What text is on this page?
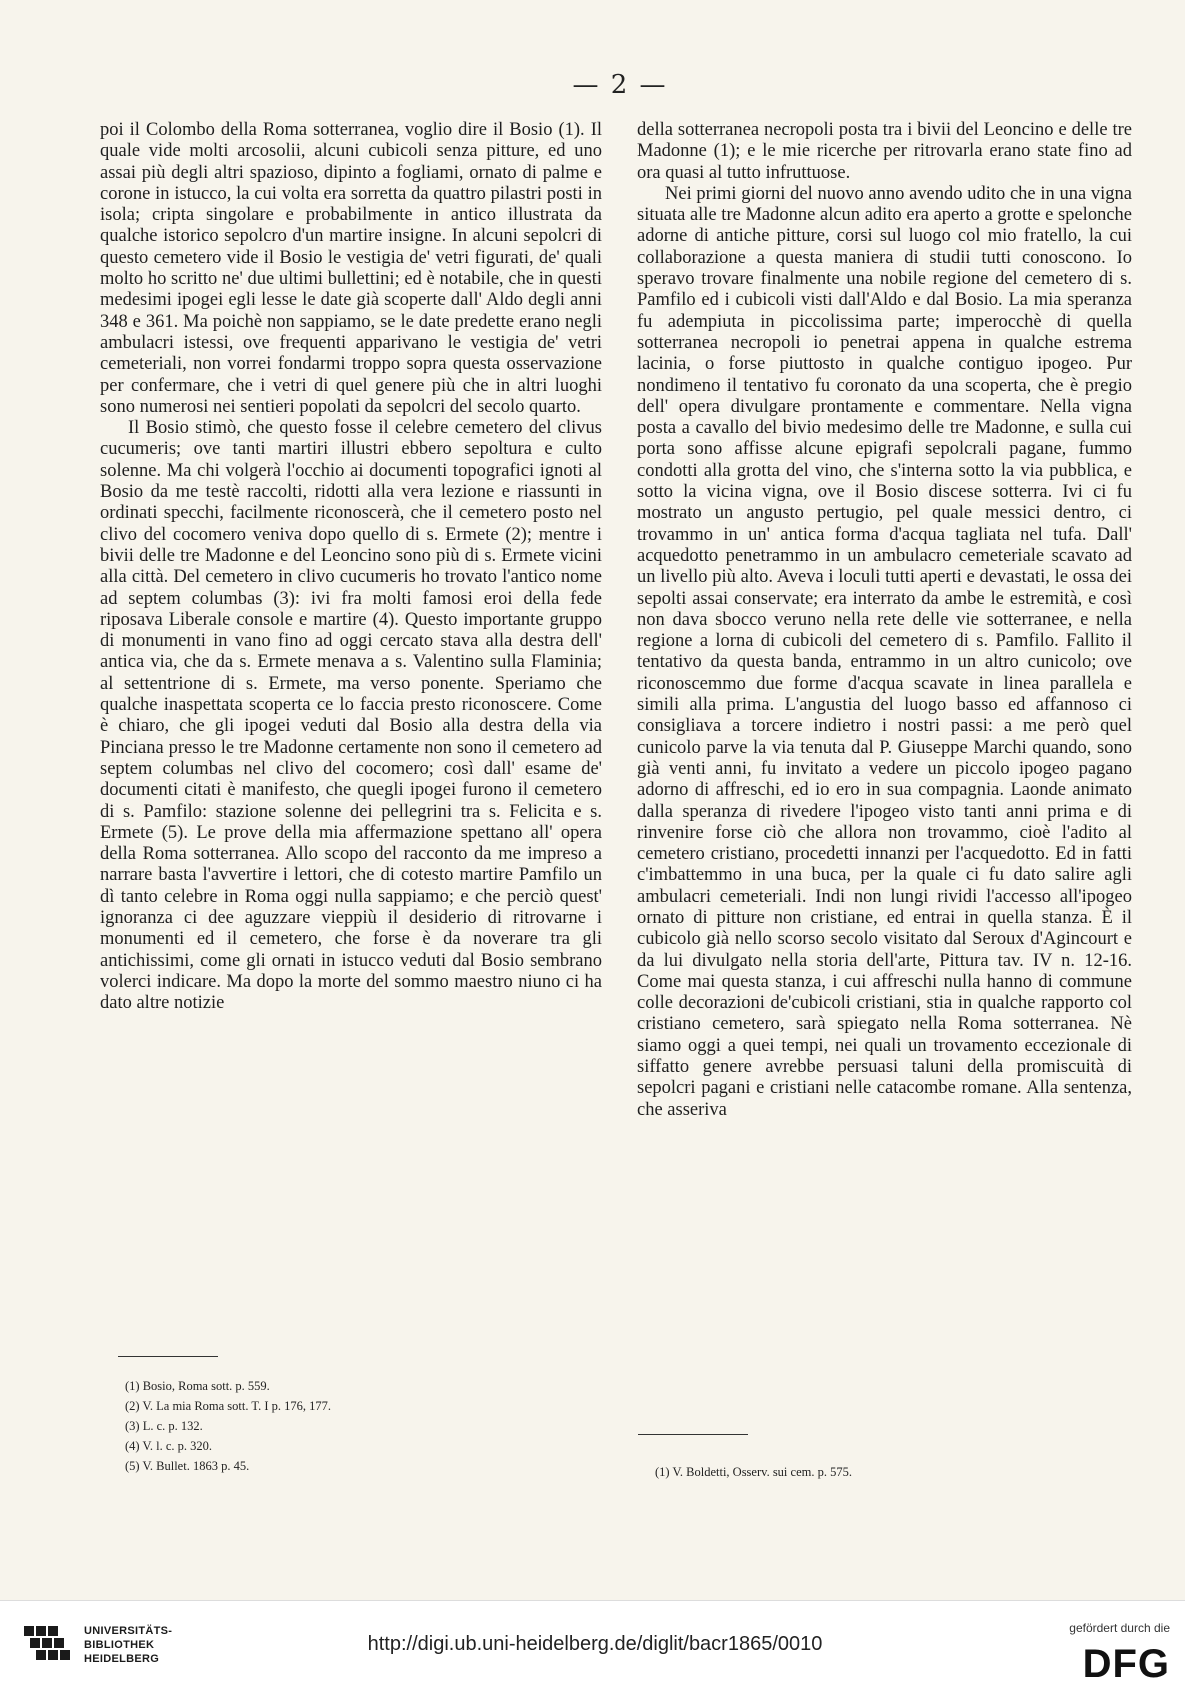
— 2 —

poi il Colombo della Roma sotterranea, voglio dire il Bosio (1). Il quale vide molti arcosolii, alcuni cubicoli senza pitture, ed uno assai più degli altri spazioso, dipinto a fogliami, ornato di palme e corone in istucco, la cui volta era sorretta da quattro pilastri posti in isola; cripta singolare e probabilmente in antico illustrata da qualche istorico sepolcro d'un martire insigne. In alcuni sepolcri di questo cemetero vide il Bosio le vestigia de' vetri figurati, de' quali molto ho scritto ne' due ultimi bullettini; ed è notabile, che in questi medesimi ipogei egli lesse le date già scoperte dall' Aldo degli anni 348 e 361. Ma poichè non sappiamo, se le date predette erano negli ambulacri istessi, ove frequenti apparivano le vestigia de' vetri cemeteriali, non vorrei fondarmi troppo sopra questa osservazione per confermare, che i vetri di quel genere più che in altri luoghi sono numerosi nei sentieri popolati da sepolcri del secolo quarto.

Il Bosio stimò, che questo fosse il celebre cemetero del clivus cucumeris; ove tanti martiri illustri ebbero sepoltura e culto solenne. Ma chi volgerà l'occhio ai documenti topografici ignoti al Bosio da me testè raccolti, ridotti alla vera lezione e riassunti in ordinati specchi, facilmente riconoscerà, che il cemetero posto nel clivo del cocomero veniva dopo quello di s. Ermete (2); mentre i bivii delle tre Madonne e del Leoncino sono più di s. Ermete vicini alla città. Del cemetero in clivo cucumeris ho trovato l'antico nome ad septem columbas (3): ivi fra molti famosi eroi della fede riposava Liberale console e martire (4). Questo importante gruppo di monumenti in vano fino ad oggi cercato stava alla destra dell' antica via, che da s. Ermete menava a s. Valentino sulla Flaminia; al settentrione di s. Ermete, ma verso ponente. Speriamo che qualche inaspettata scoperta ce lo faccia presto riconoscere. Come è chiaro, che gli ipogei veduti dal Bosio alla destra della via Pinciana presso le tre Madonne certamente non sono il cemetero ad septem columbas nel clivo del cocomero; così dall' esame de' documenti citati è manifesto, che quegli ipogei furono il cemetero di s. Pamfilo: stazione solenne dei pellegrini tra s. Felicita e s. Ermete (5). Le prove della mia affermazione spettano all' opera della Roma sotterranea. Allo scopo del racconto da me impreso a narrare basta l'avvertire i lettori, che di cotesto martire Pamfilo un dì tanto celebre in Roma oggi nulla sappiamo; e che perciò quest' ignoranza ci dee aguzzare vieppiù il desiderio di ritrovarne i monumenti ed il cemetero, che forse è da noverare tra gli antichissimi, come gli ornati in istucco veduti dal Bosio sembrano volerci indicare. Ma dopo la morte del sommo maestro niuno ci ha dato altre notizie

della sotterranea necropoli posta tra i bivii del Leoncino e delle tre Madonne (1); e le mie ricerche per ritrovarla erano state fino ad ora quasi al tutto infruttuose.

Nei primi giorni del nuovo anno avendo udito che in una vigna situata alle tre Madonne alcun adito era aperto a grotte e spelonche adorne di antiche pitture, corsi sul luogo col mio fratello, la cui collaborazione a questa maniera di studii tutti conoscono. Io speravo trovare finalmente una nobile regione del cemetero di s. Pamfilo ed i cubicoli visti dall'Aldo e dal Bosio. La mia speranza fu adempiuta in piccolissima parte; imperocchè di quella sotterranea necropoli io penetrai appena in qualche estrema lacinia, o forse piuttosto in qualche contiguo ipogeo. Pur nondimeno il tentativo fu coronato da una scoperta, che è pregio dell' opera divulgare prontamente e commentare. Nella vigna posta a cavallo del bivio medesimo delle tre Madonne, e sulla cui porta sono affisse alcune epigrafi sepolcrali pagane, fummo condotti alla grotta del vino, che s'interna sotto la via pubblica, e sotto la vicina vigna, ove il Bosio discese sotterra. Ivi ci fu mostrato un angusto pertugio, pel quale messici dentro, ci trovammo in un' antica forma d'acqua tagliata nel tufa. Dall' acquedotto penetrammo in un ambulacro cemeteriale scavato ad un livello più alto. Aveva i loculi tutti aperti e devastati, le ossa dei sepolti assai conservate; era interrato da ambe le estremità, e così non dava sbocco veruno nella rete delle vie sotterranee, e nella regione a lorna di cubicoli del cemetero di s. Pamfilo. Fallito il tentativo da questa banda, entrammo in un altro cunicolo; ove riconoscemmo due forme d'acqua scavate in linea parallela e simili alla prima. L'angustia del luogo basso ed affannoso ci consigliava a torcere indietro i nostri passi: a me però quel cunicolo parve la via tenuta dal P. Giuseppe Marchi quando, sono già venti anni, fu invitato a vedere un piccolo ipogeo pagano adorno di affreschi, ed io ero in sua compagnia. Laonde animato dalla speranza di rivedere l'ipogeo visto tanti anni prima e di rinvenire forse ciò che allora non trovammo, cioè l'adito al cemetero cristiano, procedetti innanzi per l'acquedotto. Ed in fatti c'imbattemmo in una buca, per la quale ci fu dato salire agli ambulacri cemeteriali. Indi non lungi rividi l'accesso all'ipogeo ornato di pitture non cristiane, ed entrai in quella stanza. È il cubicolo già nello scorso secolo visitato dal Seroux d'Agincourt e da lui divulgato nella storia dell'arte, Pittura tav. IV n. 12-16. Come mai questa stanza, i cui affreschi nulla hanno di commune colle decorazioni de'cubicoli cristiani, stia in qualche rapporto col cristiano cemetero, sarà spiegato nella Roma sotterranea. Nè siamo oggi a quei tempi, nei quali un trovamento eccezionale di siffatto genere avrebbe persuasi taluni della promiscuità di sepolcri pagani e cristiani nelle catacombe romane. Alla sentenza, che asseriva

(1) Bosio, Roma sott. p. 559.
(2) V. La mia Roma sott. T. I p. 176, 177.
(3) L. c. p. 132.
(4) V. l. c. p. 320.
(5) V. Bullet. 1863 p. 45.	(1) V. Boldetti, Osserv. sui cem. p. 575.
UNIVERSITÄTS-
BIBLIOTHEK
HEIDELBERG
http://digi.ub.uni-heidelberg.de/diglit/bacr1865/0010
gefördert durch die
DFG
